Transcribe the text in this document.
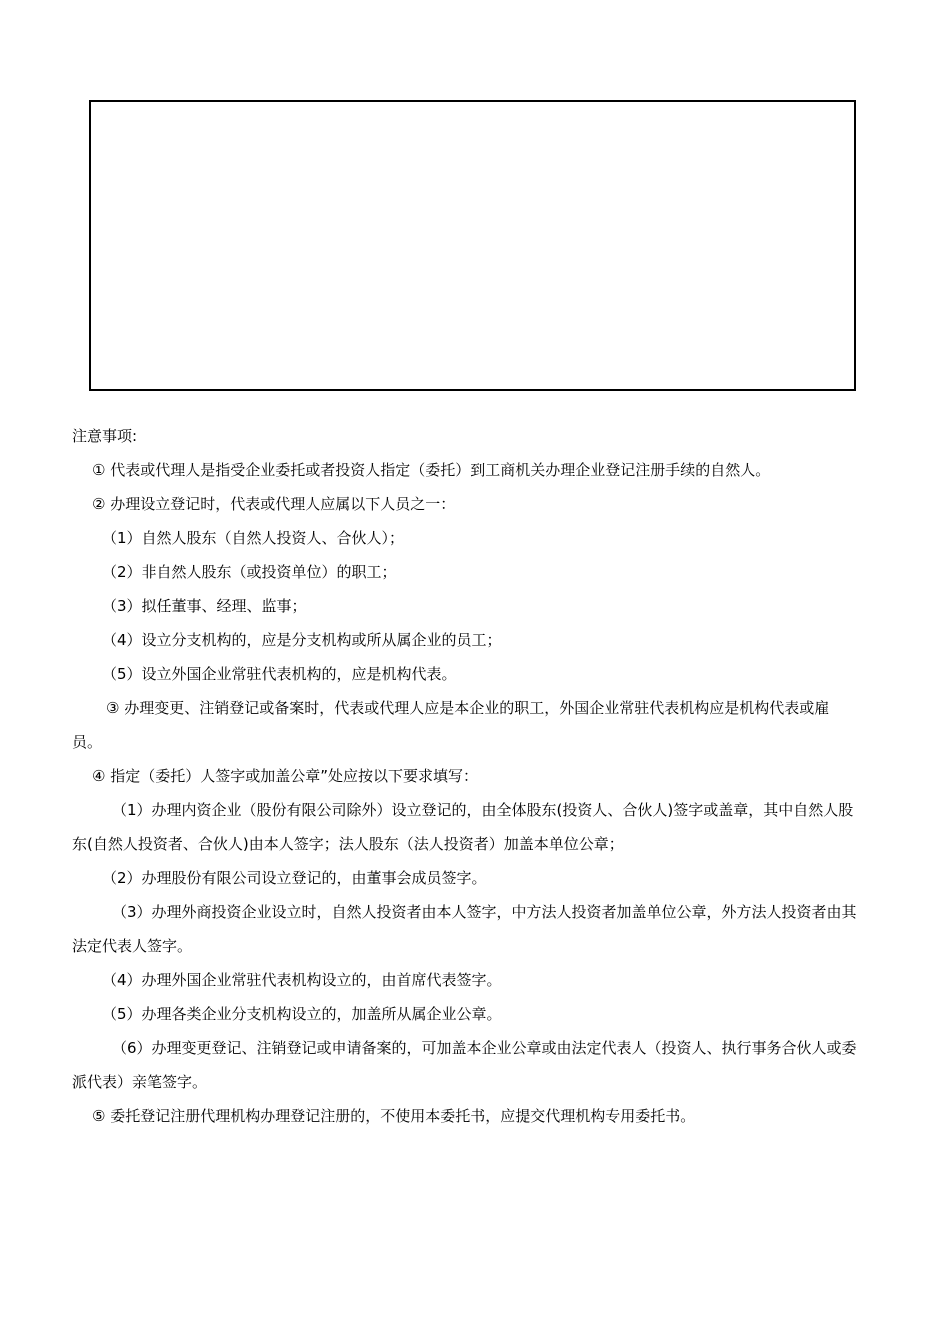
注意事项:

① 代表或代理人是指受企业委托或者投资人指定（委托）到工商机关办理企业登记注册手续的自然人。

② 办理设立登记时，代表或代理人应属以下人员之一：

（1）自然人股东（自然人投资人、合伙人）；

（2）非自然人股东（或投资单位）的职工；

（3）拟任董事、经理、监事；

（4）设立分支机构的，应是分支机构或所从属企业的员工；

（5）设立外国企业常驻代表机构的，应是机构代表。

③ 办理变更、注销登记或备案时，代表或代理人应是本企业的职工，外国企业常驻代表机构应是机构代表或雇员。

④ 指定（委托）人签字或加盖公章”处应按以下要求填写：

（1）办理内资企业（股份有限公司除外）设立登记的，由全体股东(投资人、合伙人)签字或盖章，其中自然人股东(自然人投资者、合伙人)由本人签字；法人股东（法人投资者）加盖本单位公章；

（2）办理股份有限公司设立登记的，由董事会成员签字。

（3）办理外商投资企业设立时，自然人投资者由本人签字，中方法人投资者加盖单位公章，外方法人投资者由其法定代表人签字。

（4）办理外国企业常驻代表机构设立的，由首席代表签字。

（5）办理各类企业分支机构设立的，加盖所从属企业公章。

（6）办理变更登记、注销登记或申请备案的，可加盖本企业公章或由法定代表人（投资人、执行事务合伙人或委派代表）亲笔签字。

⑤ 委托登记注册代理机构办理登记注册的，不使用本委托书，应提交代理机构专用委托书。
